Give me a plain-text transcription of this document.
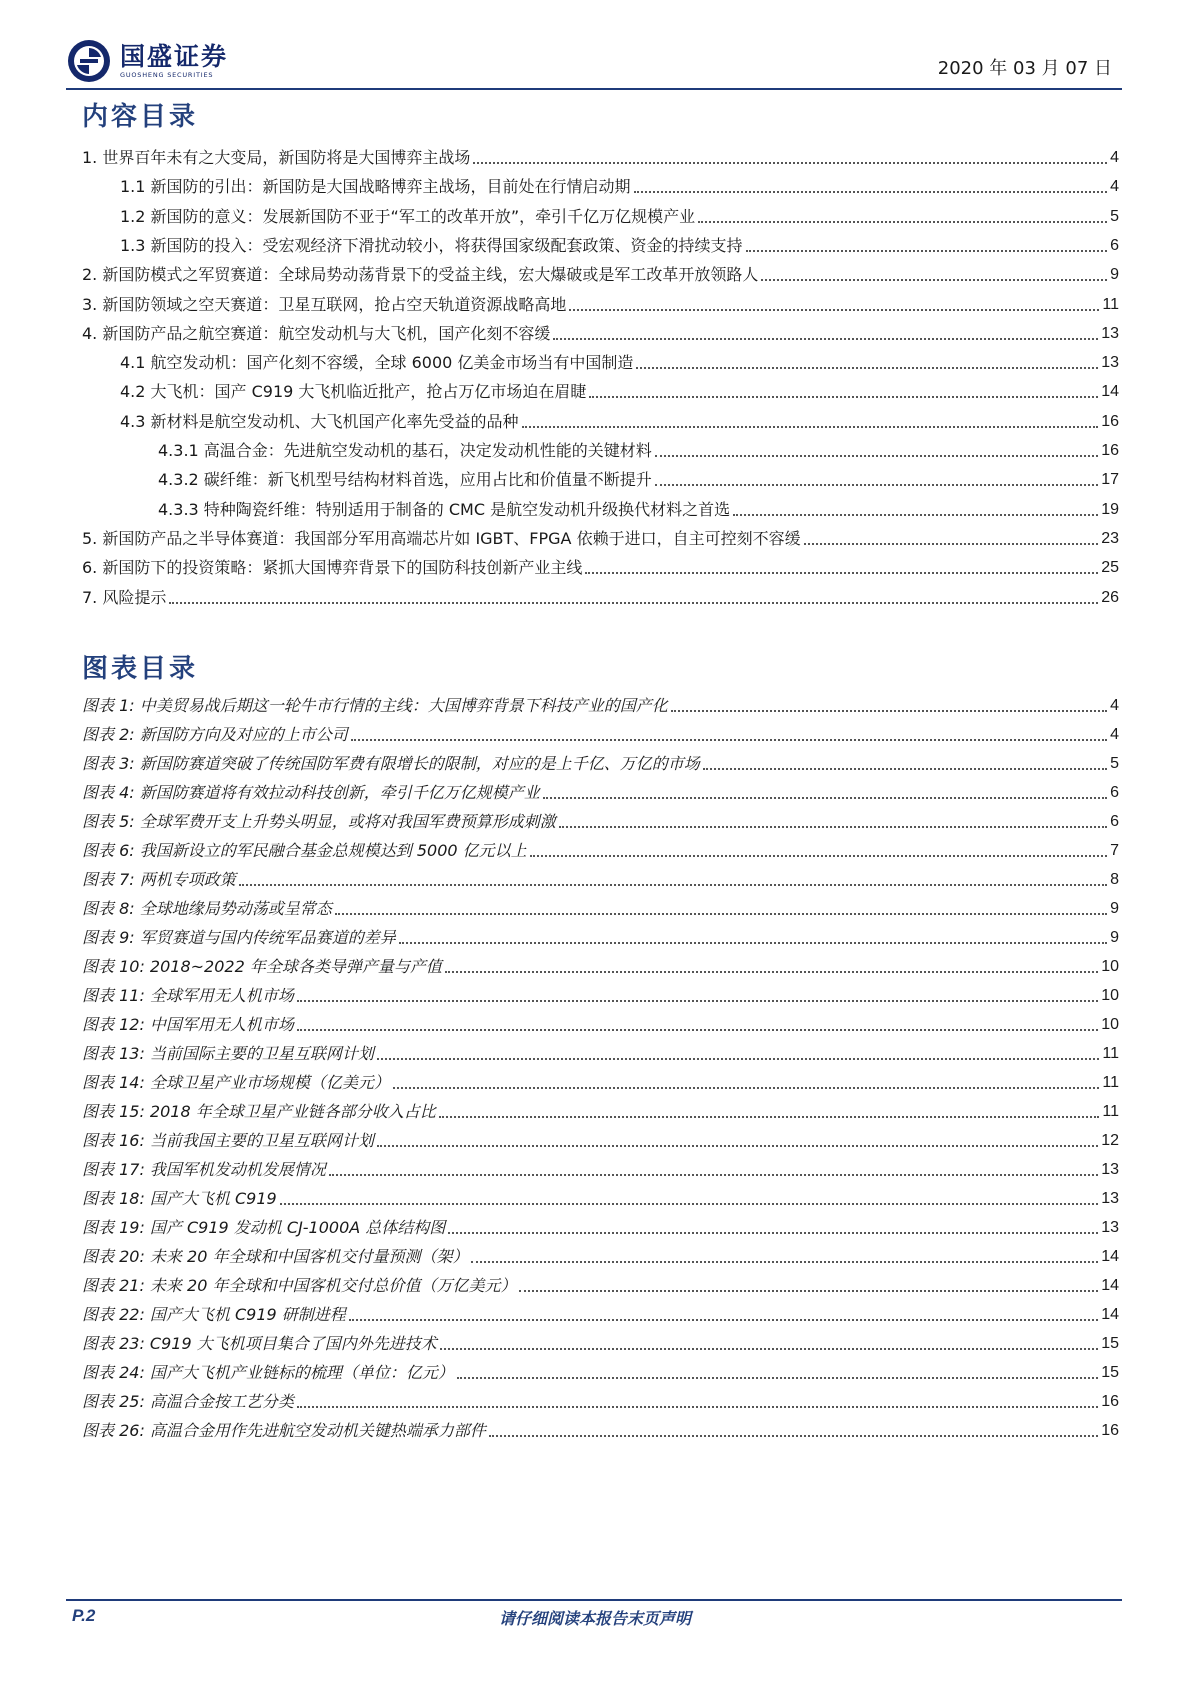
国盛证券
GUOSHENG SECURITIES	2020 年 03 月 07 日
内容目录
1. 世界百年未有之大变局，新国防将是大国博弈主战场	4
1.1 新国防的引出：新国防是大国战略博弈主战场，目前处在行情启动期	4
1.2 新国防的意义：发展新国防不亚于“军工的改革开放”，牵引千亿万亿规模产业	5
1.3 新国防的投入：受宏观经济下滑扰动较小，将获得国家级配套政策、资金的持续支持	6
2. 新国防模式之军贸赛道：全球局势动荡背景下的受益主线，宏大爆破或是军工改革开放领路人	9
3. 新国防领域之空天赛道：卫星互联网，抢占空天轨道资源战略高地	11
4. 新国防产品之航空赛道：航空发动机与大飞机，国产化刻不容缓	13
4.1 航空发动机：国产化刻不容缓，全球 6000 亿美金市场当有中国制造	13
4.2 大飞机：国产 C919 大飞机临近批产，抢占万亿市场迫在眉睫	14
4.3 新材料是航空发动机、大飞机国产化率先受益的品种	16
4.3.1 高温合金：先进航空发动机的基石，决定发动机性能的关键材料	16
4.3.2 碳纤维：新飞机型号结构材料首选，应用占比和价值量不断提升	17
4.3.3 特种陶瓷纤维：特别适用于制备的 CMC 是航空发动机升级换代材料之首选	19
5. 新国防产品之半导体赛道：我国部分军用高端芯片如 IGBT、FPGA 依赖于进口，自主可控刻不容缓	23
6. 新国防下的投资策略：紧抓大国博弈背景下的国防科技创新产业主线	25
7. 风险提示	26
图表目录
图表 1: 中美贸易战后期这一轮牛市行情的主线：大国博弈背景下科技产业的国产化	4
图表 2: 新国防方向及对应的上市公司	4
图表 3: 新国防赛道突破了传统国防军费有限增长的限制，对应的是上千亿、万亿的市场	5
图表 4: 新国防赛道将有效拉动科技创新，牵引千亿万亿规模产业	6
图表 5: 全球军费开支上升势头明显，或将对我国军费预算形成刺激	6
图表 6: 我国新设立的军民融合基金总规模达到 5000 亿元以上	7
图表 7: 两机专项政策	8
图表 8: 全球地缘局势动荡或呈常态	9
图表 9: 军贸赛道与国内传统军品赛道的差异	9
图表 10: 2018~2022 年全球各类导弹产量与产值	10
图表 11: 全球军用无人机市场	10
图表 12: 中国军用无人机市场	10
图表 13: 当前国际主要的卫星互联网计划	11
图表 14: 全球卫星产业市场规模（亿美元）	11
图表 15: 2018 年全球卫星产业链各部分收入占比	11
图表 16: 当前我国主要的卫星互联网计划	12
图表 17: 我国军机发动机发展情况	13
图表 18: 国产大飞机 C919	13
图表 19: 国产 C919 发动机 CJ-1000A 总体结构图	13
图表 20: 未来 20 年全球和中国客机交付量预测（架）	14
图表 21: 未来 20 年全球和中国客机交付总价值（万亿美元）	14
图表 22: 国产大飞机 C919 研制进程	14
图表 23: C919 大飞机项目集合了国内外先进技术	15
图表 24: 国产大飞机产业链标的梳理（单位：亿元）	15
图表 25: 高温合金按工艺分类	16
图表 26: 高温合金用作先进航空发动机关键热端承力部件	16
请仔细阅读本报告末页声明
P.2
